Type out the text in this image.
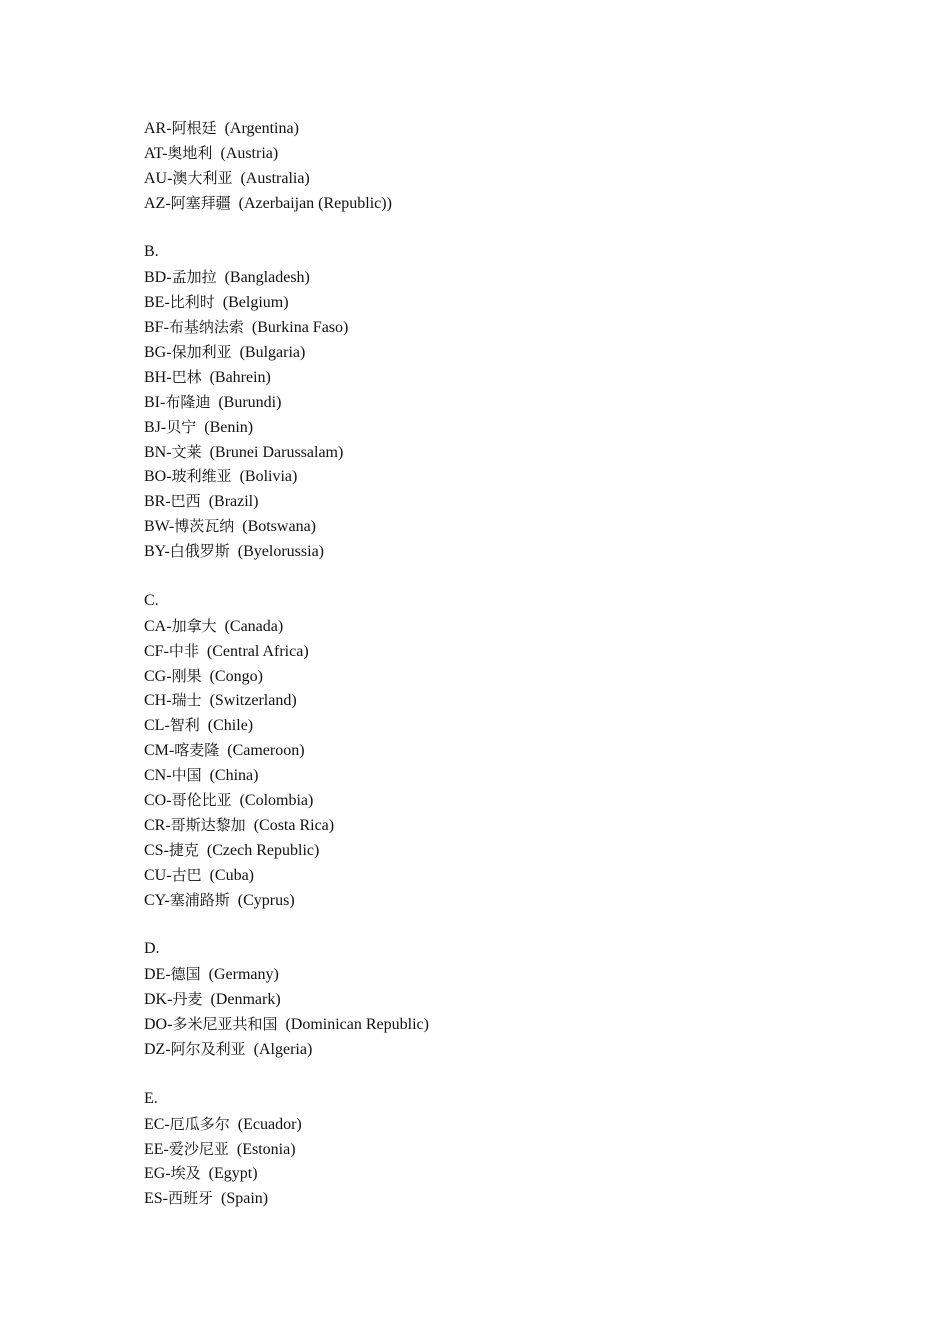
AR-阿根廷 (Argentina)
AT-奥地利 (Austria)
AU-澳大利亚 (Australia)
AZ-阿塞拜疆 (Azerbaijan (Republic))
B.
BD-孟加拉 (Bangladesh)
BE-比利时 (Belgium)
BF-布基纳法索 (Burkina Faso)
BG-保加利亚 (Bulgaria)
BH-巴林 (Bahrein)
BI-布隆迪 (Burundi)
BJ-贝宁 (Benin)
BN-文莱 (Brunei Darussalam)
BO-玻利维亚 (Bolivia)
BR-巴西 (Brazil)
BW-博茨瓦纳 (Botswana)
BY-白俄罗斯 (Byelorussia)
C.
CA-加拿大 (Canada)
CF-中非 (Central Africa)
CG-刚果 (Congo)
CH-瑞士 (Switzerland)
CL-智利 (Chile)
CM-喀麦隆 (Cameroon)
CN-中国 (China)
CO-哥伦比亚 (Colombia)
CR-哥斯达黎加 (Costa Rica)
CS-捷克 (Czech Republic)
CU-古巴 (Cuba)
CY-塞浦路斯 (Cyprus)
D.
DE-德国 (Germany)
DK-丹麦 (Denmark)
DO-多米尼亚共和国 (Dominican Republic)
DZ-阿尔及利亚 (Algeria)
E.
EC-厄瓜多尔 (Ecuador)
EE-爱沙尼亚 (Estonia)
EG-埃及 (Egypt)
ES-西班牙 (Spain)
